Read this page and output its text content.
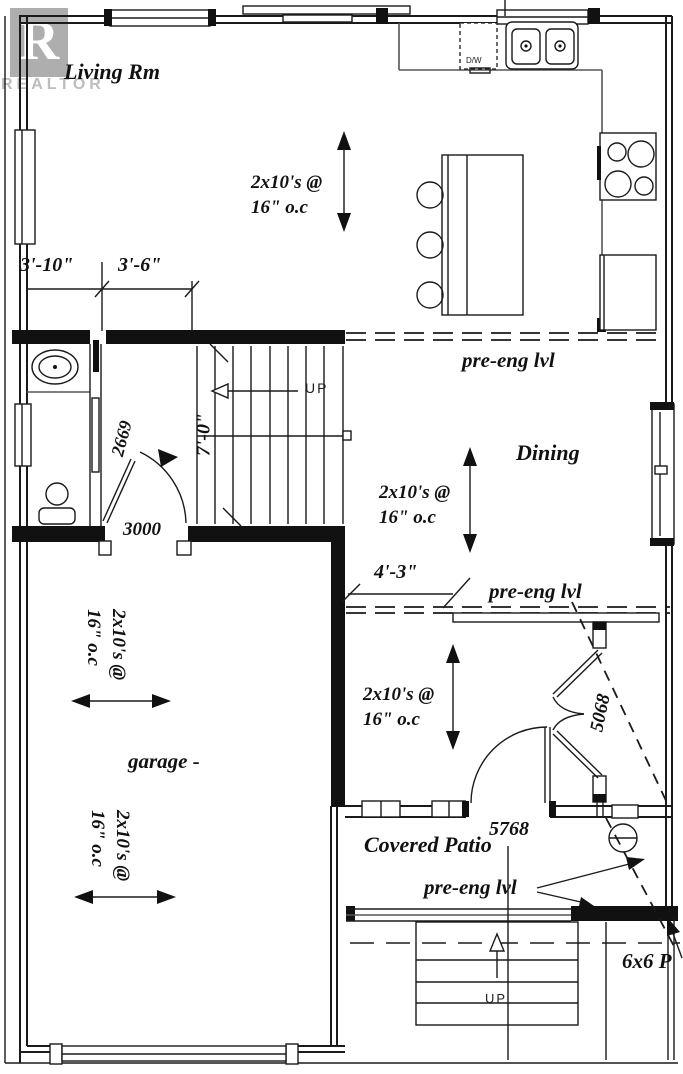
R
REALTOR
Living Rm
Dining
garage -
Covered Patio
2x10's @
16" o.c
2x10's @
16" o.c
2x10's @
16" o.c
2x10's @
16" o.c
2x10's @
16" o.c
pre-eng lvl
pre-eng lvl
pre-eng lvl
3'-10" 3'-6"
4'-3"
7'-0"
2669
3000
5068
5768
UP
UP
D/W
6x6 P
